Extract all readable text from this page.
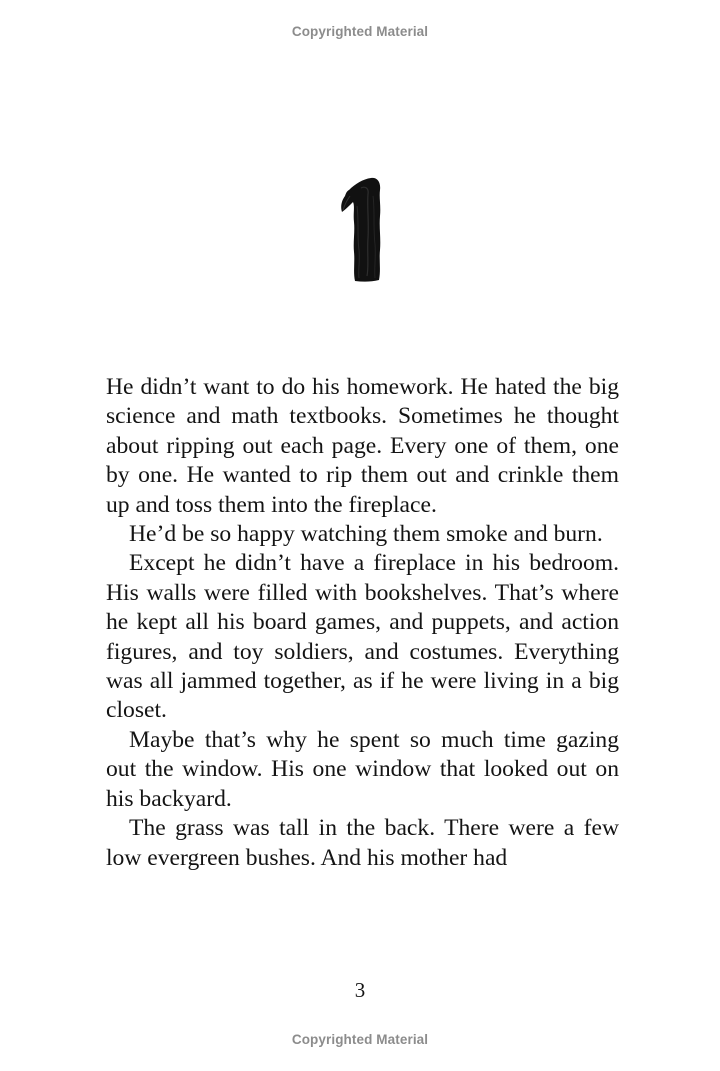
Copyrighted Material

He didn’t want to do his homework. He hated the big science and math textbooks. Sometimes he thought about ripping out each page. Every one of them, one by one. He wanted to rip them out and crinkle them up and toss them into the fireplace.

He’d be so happy watching them smoke and burn.

Except he didn’t have a fireplace in his bedroom. His walls were filled with bookshelves. That’s where he kept all his board games, and puppets, and action figures, and toy soldiers, and costumes. Everything was all jammed together, as if he were living in a big closet.

Maybe that’s why he spent so much time gazing out the window. His one window that looked out on his backyard.

The grass was tall in the back. There were a few low evergreen bushes. And his mother had

3
Copyrighted Material
